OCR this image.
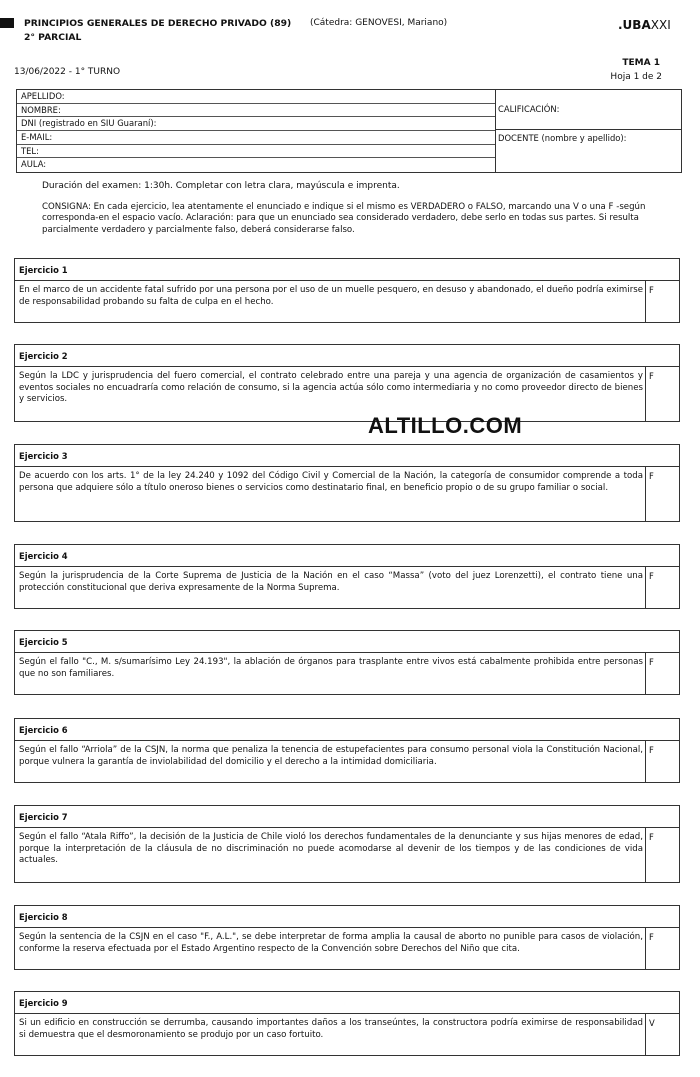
PRINCIPIOS GENERALES DE DERECHO PRIVADO (89) (Cátedra: GENOVESI, Mariano)
2° PARCIAL
.UBAXXI
13/06/2022 - 1° TURNO
TEMA 1
Hoja 1 de 2
APELLIDO:
NOMBRE:
DNI (registrado en SIU Guaraní):
E-MAIL:
TEL:
AULA:
CALIFICACIÓN:
DOCENTE (nombre y apellido):
Duración del examen: 1:30h. Completar con letra clara, mayúscula e imprenta.
CONSIGNA: En cada ejercicio, lea atentamente el enunciado e indique si el mismo es VERDADERO o FALSO, marcando una V o una F -según corresponda-en el espacio vacío. Aclaración: para que un enunciado sea considerado verdadero, debe serlo en todas sus partes. Si resulta parcialmente verdadero y parcialmente falso, deberá considerarse falso.
Ejercicio 1
En el marco de un accidente fatal sufrido por una persona por el uso de un muelle pesquero, en desuso y abandonado, el dueño podría eximirse de responsabilidad probando su falta de culpa en el hecho.
F
Ejercicio 2
Según la LDC y jurisprudencia del fuero comercial, el contrato celebrado entre una pareja y una agencia de organización de casamientos y eventos sociales no encuadraría como relación de consumo, si la agencia actúa sólo como intermediaria y no como proveedor directo de bienes y servicios.
F
Ejercicio 3
De acuerdo con los arts. 1° de la ley 24.240 y 1092 del Código Civil y Comercial de la Nación, la categoría de consumidor comprende a toda persona que adquiere sólo a título oneroso bienes o servicios como destinatario final, en beneficio propio o de su grupo familiar o social.
F
Ejercicio 4
Según la jurisprudencia de la Corte Suprema de Justicia de la Nación en el caso “Massa” (voto del juez Lorenzetti), el contrato tiene una protección constitucional que deriva expresamente de la Norma Suprema.
F
Ejercicio 5
Según el fallo "C., M. s/sumarísimo Ley 24.193", la ablación de órganos para trasplante entre vivos está cabalmente prohibida entre personas que no son familiares.
F
Ejercicio 6
Según el fallo “Arriola” de la CSJN, la norma que penaliza la tenencia de estupefacientes para consumo personal viola la Constitución Nacional, porque vulnera la garantía de inviolabilidad del domicilio y el derecho a la intimidad domiciliaria.
F
Ejercicio 7
Según el fallo “Atala Riffo”, la decisión de la Justicia de Chile violó los derechos fundamentales de la denunciante y sus hijas menores de edad, porque la interpretación de la cláusula de no discriminación no puede acomodarse al devenir de los tiempos y de las condiciones de vida actuales.
F
Ejercicio 8
Según la sentencia de la CSJN en el caso "F., A.L.", se debe interpretar de forma amplia la causal de aborto no punible para casos de violación, conforme la reserva efectuada por el Estado Argentino respecto de la Convención sobre Derechos del Niño que cita.
F
Ejercicio 9
Si un edificio en construcción se derrumba, causando importantes daños a los transeúntes, la constructora podría eximirse de responsabilidad si demuestra que el desmoronamiento se produjo por un caso fortuito.
V
ALTILLO.COM
